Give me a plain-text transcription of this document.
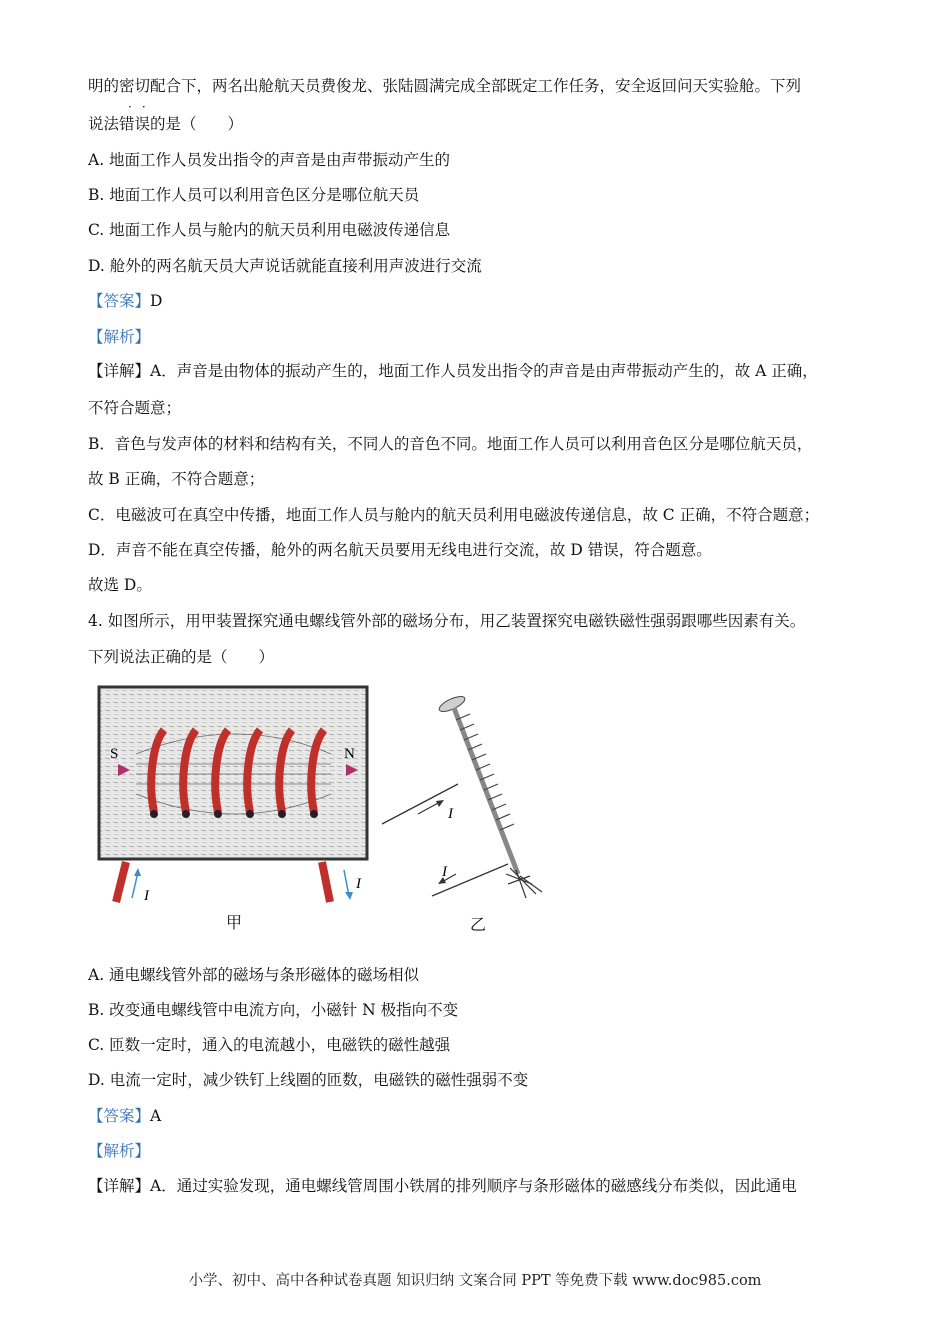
明的密切配合下，两名出舱航天员费俊龙、张陆圆满完成全部既定工作任务，安全返回问天实验舱。下列
··
说法错误的是（　　）
A. 地面工作人员发出指令的声音是由声带振动产生的
B. 地面工作人员可以利用音色区分是哪位航天员
C. 地面工作人员与舱内的航天员利用电磁波传递信息
D. 舱外的两名航天员大声说话就能直接利用声波进行交流
【答案】D
【解析】
【详解】A．声音是由物体的振动产生的，地面工作人员发出指令的声音是由声带振动产生的，故 A 正确，
不符合题意；
B．音色与发声体的材料和结构有关，不同人的音色不同。地面工作人员可以利用音色区分是哪位航天员，
故 B 正确，不符合题意；
C．电磁波可在真空中传播，地面工作人员与舱内的航天员利用电磁波传递信息，故 C 正确，不符合题意；
D．声音不能在真空传播，舱外的两名航天员要用无线电进行交流，故 D 错误，符合题意。
故选 D。
4. 如图所示，用甲装置探究通电螺线管外部的磁场分布，用乙装置探究电磁铁磁性强弱跟哪些因素有关。
下列说法正确的是（　　）
S	N
I
I
I
I
甲	乙
A. 通电螺线管外部的磁场与条形磁体的磁场相似
B. 改变通电螺线管中电流方向，小磁针 N 极指向不变
C. 匝数一定时，通入的电流越小，电磁铁的磁性越强
D. 电流一定时，减少铁钉上线圈的匝数，电磁铁的磁性强弱不变
【答案】A
【解析】
【详解】A．通过实验发现，通电螺线管周围小铁屑的排列顺序与条形磁体的磁感线分布类似，因此通电
小学、初中、高中各种试卷真题 知识归纳 文案合同 PPT 等免费下载 www.doc985.com
